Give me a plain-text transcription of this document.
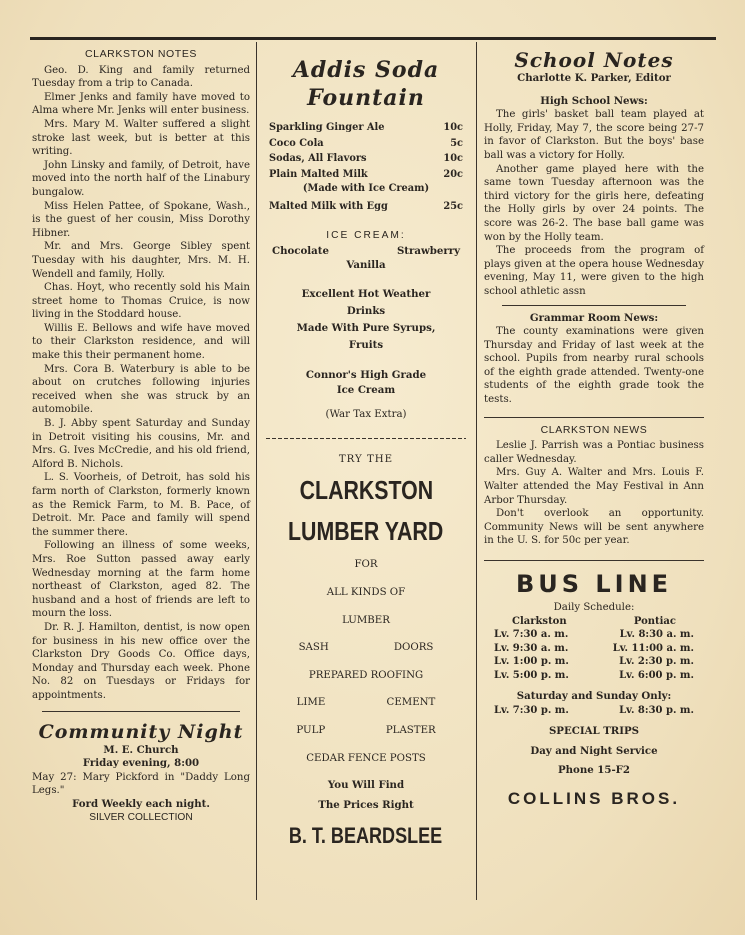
CLARKSTON NOTES

Geo. D. King and family returned Tuesday from a trip to Canada.

Elmer Jenks and family have moved to Alma where Mr. Jenks will enter business.

Mrs. Mary M. Walter suffered a slight stroke last week, but is better at this writing.

John Linsky and family, of Detroit, have moved into the north half of the Linabury bungalow.

Miss Helen Pattee, of Spokane, Wash., is the guest of her cousin, Miss Dorothy Hibner.

Mr. and Mrs. George Sibley spent Tuesday with his daughter, Mrs. M. H. Wendell and family, Holly.

Chas. Hoyt, who recently sold his Main street home to Thomas Cruice, is now living in the Stoddard house.

Willis E. Bellows and wife have moved to their Clarkston residence, and will make this their permanent home.

Mrs. Cora B. Waterbury is able to be about on crutches following injuries received when she was struck by an automobile.

B. J. Abby spent Saturday and Sunday in Detroit visiting his cousins, Mr. and Mrs. G. Ives McCredie, and his old friend, Alford B. Nichols.

L. S. Voorheis, of Detroit, has sold his farm north of Clarkston, formerly known as the Remick Farm, to M. B. Pace, of Detroit. Mr. Pace and family will spend the summer there.

Following an illness of some weeks, Mrs. Roe Sutton passed away early Wednesday morning at the farm home northeast of Clarkston, aged 82. The husband and a host of friends are left to mourn the loss.

Dr. R. J. Hamilton, dentist, is now open for business in his new office over the Clarkston Dry Goods Co. Office days, Monday and Thursday each week. Phone No. 82 on Tuesdays or Fridays for appointments.

Community Night
M. E. Church
Friday evening, 8:00

May 27: Mary Pickford in "Daddy Long Legs."

Ford Weekly each night.
SILVER COLLECTION
Addis Soda
Fountain
Sparkling Ginger Ale	10c
Coco Cola	5c
Sodas, All Flavors	10c
Plain Malted Milk	20c
(Made with Ice Cream)
Malted Milk with Egg	25c
ICE CREAM:
Chocolate	Strawberry
Vanilla
Excellent Hot Weather
Drinks
Made With Pure Syrups,
Fruits
Connor's High Grade
Ice Cream
(War Tax Extra)
TRY THE
CLARKSTON
LUMBER YARD
FOR
ALL KINDS OF
LUMBER
SASH	DOORS
PREPARED ROOFING
LIME	CEMENT
PULP	PLASTER
CEDAR FENCE POSTS
You Will Find
The Prices Right
B. T. BEARDSLEE
School Notes
Charlotte K. Parker, Editor
High School News:

The girls' basket ball team played at Holly, Friday, May 7, the score being 27-7 in favor of Clarkston. But the boys' base ball was a victory for Holly.

Another game played here with the same town Tuesday afternoon was the third victory for the girls here, defeating the Holly girls by over 24 points. The score was 26-2. The base ball game was won by the Holly team.

The proceeds from the program of plays given at the opera house Wednesday evening, May 11, were given to the high school athletic assn

Grammar Room News:

The county examinations were given Thursday and Friday of last week at the school. Pupils from nearby rural schools of the eighth grade attended. Twenty-one students of the eighth grade took the tests.

CLARKSTON NEWS

Leslie J. Parrish was a Pontiac business caller Wednesday.

Mrs. Guy A. Walter and Mrs. Louis F. Walter attended the May Festival in Ann Arbor Thursday.

Don't overlook an opportunity. Community News will be sent anywhere in the U. S. for 50c per year.

BUS LINE
Daily Schedule:
Clarkston	Pontiac
Lv. 7:30 a. m.	Lv. 8:30 a. m.
Lv. 9:30 a. m.	Lv. 11:00 a. m.
Lv. 1:00 p. m.	Lv. 2:30 p. m.
Lv. 5:00 p. m.	Lv. 6:00 p. m.
Saturday and Sunday Only:
Lv. 7:30 p. m.	Lv. 8:30 p. m.
SPECIAL TRIPS
Day and Night Service
Phone 15-F2
COLLINS BROS.
